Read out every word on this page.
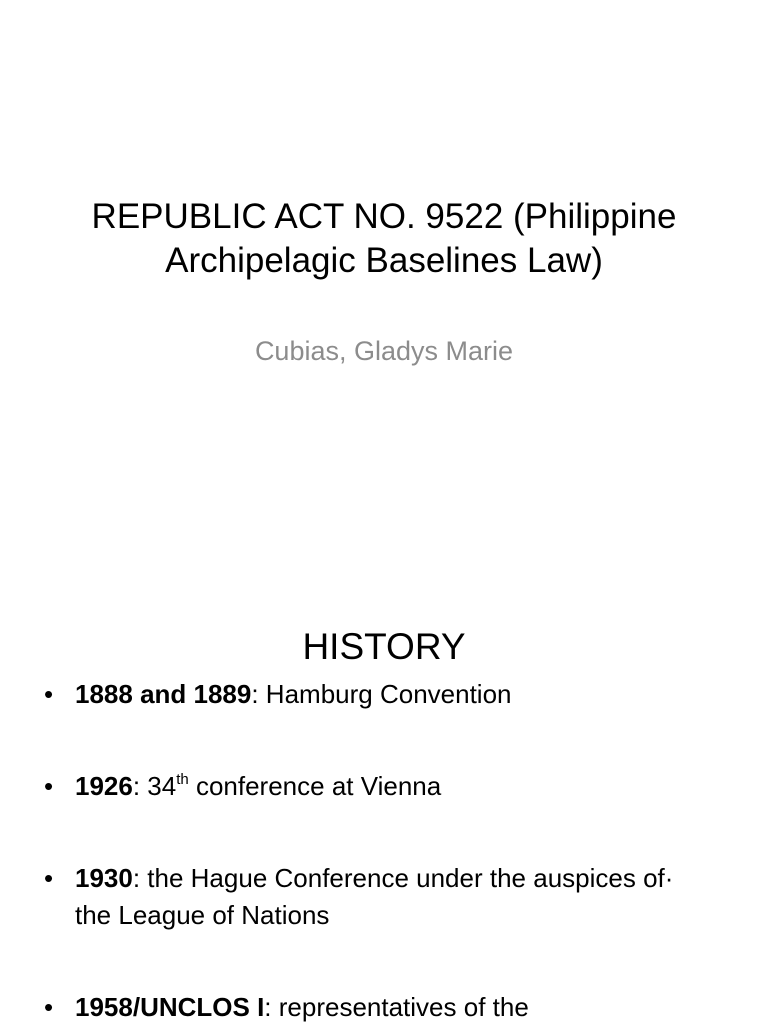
REPUBLIC ACT NO. 9522 (Philippine
Archipelagic Baselines Law)
Cubias, Gladys Marie
HISTORY
• 1888 and 1889: Hamburg Convention
• 1926: 34th conference at Vienna
• 1930: the Hague Conference under the auspices of· the League of Nations
• 1958/UNCLOS I: representatives of the
